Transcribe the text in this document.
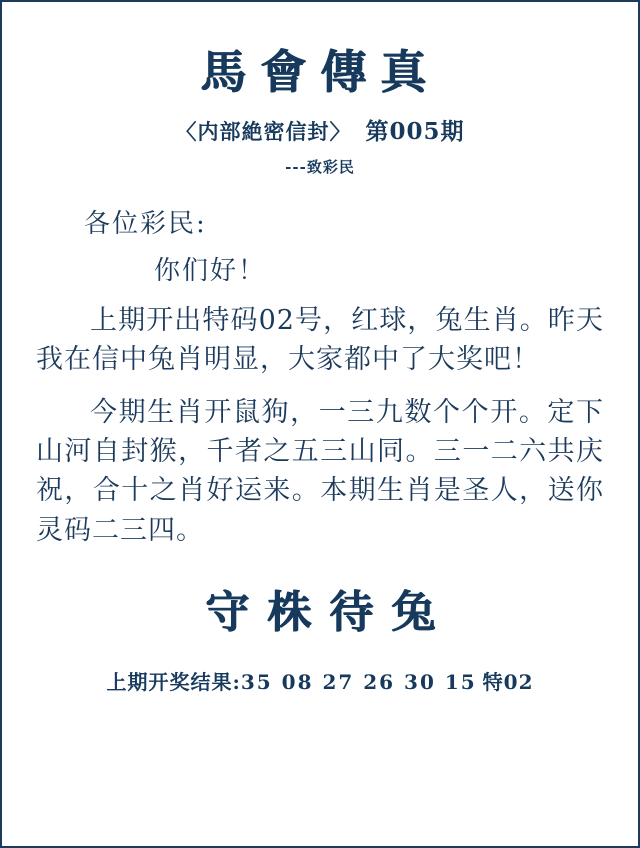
馬會傳真
〈内部絶密信封〉 第005期
---致彩民
各位彩民:
你们好！
上期开出特码02号，红球，兔生肖。昨天我在信中兔肖明显，大家都中了大奖吧！
今期生肖开鼠狗，一三九数个个开。定下山河自封猴，千者之五三山同。三一二六共庆祝，合十之肖好运来。本期生肖是圣人，送你灵码二三四。
守株待兔
上期开奖结果:35 08 27 26 30 15 特02
